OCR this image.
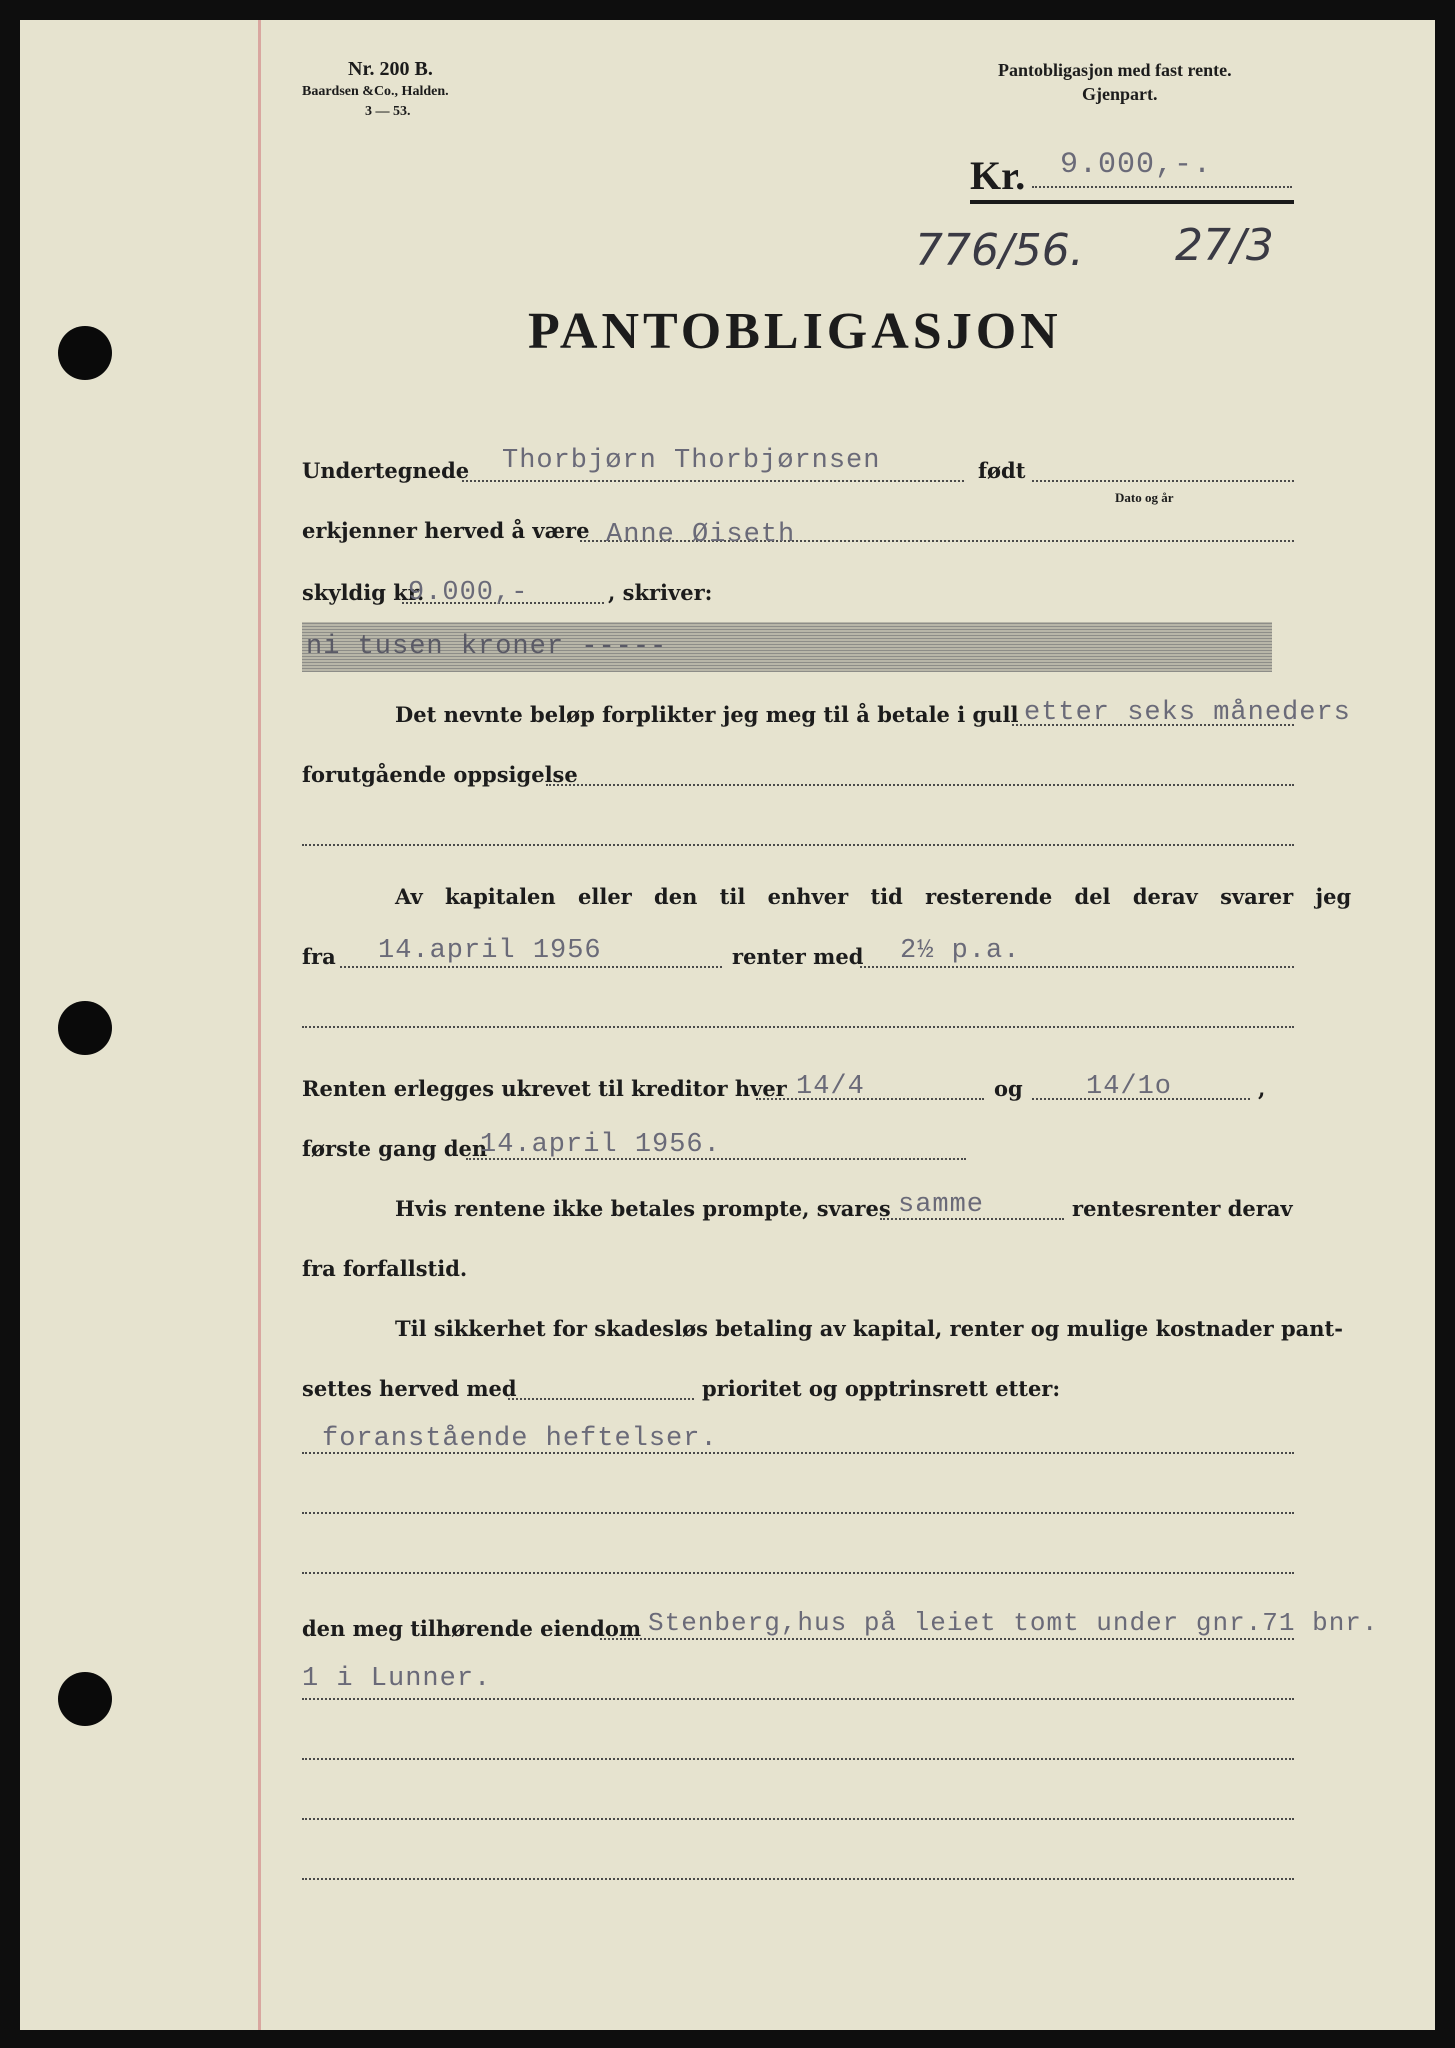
Nr. 200 B.
Baardsen &Co., Halden.
3 — 53.
Pantobligasjon med fast rente.
Gjenpart.
Kr. 9.000,-.
776/56. 27/3
PANTOBLIGASJON
Undertegnede Thorbjørn Thorbjørnsen	født
Dato og år
erkjenner herved å være Anne Øiseth
skyldig kr.
9.000,-	, skriver:
ni tusen kroner -----
Det nevnte beløp forplikter jeg meg til å betale i gull etter seks måneders
forutgående oppsigelse
Av kapitalen eller den til enhver tid resterende del derav svarer jeg
fra 14.april 1956	renter med 2½ p.a.
Renten erlegges ukrevet til kreditor hver 14/4	og 14/1o	,
første gang den
14.april 1956.
Hvis rentene ikke betales prompte, svares samme	rentesrenter derav
fra forfallstid.
Til sikkerhet for skadesløs betaling av kapital, renter og mulige kostnader pant-
settes herved med	prioritet og opptrinsrett etter:
foranstående heftelser.
den meg tilhørende eiendom Stenberg,hus på leiet tomt under gnr.71 bnr.
1 i Lunner.
